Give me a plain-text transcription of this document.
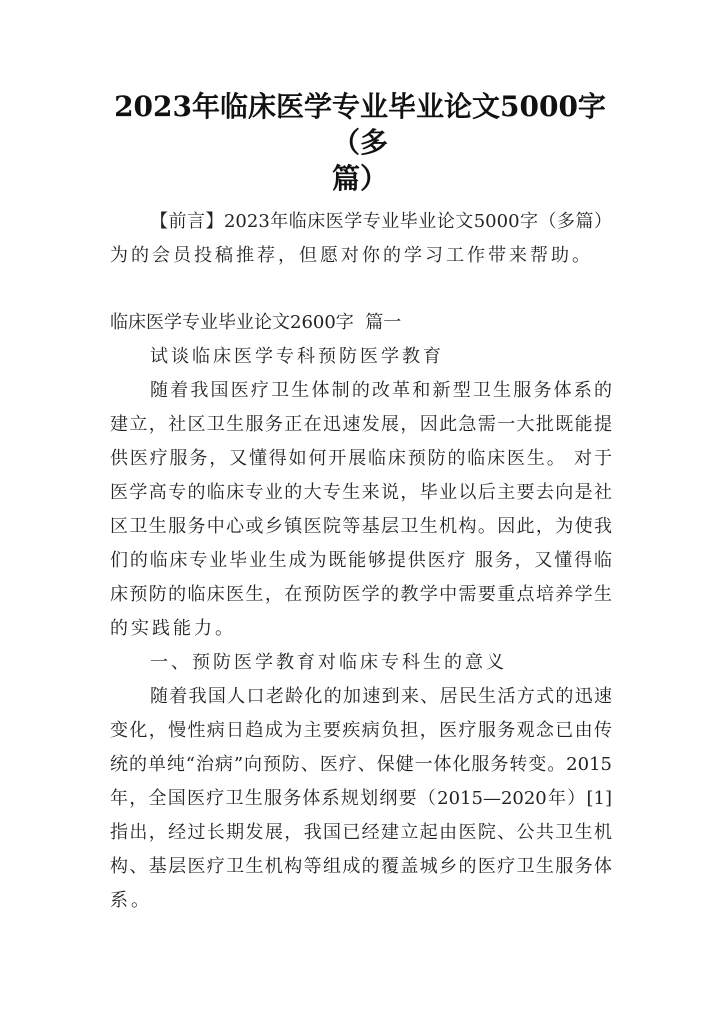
2023年临床医学专业毕业论文5000字（多
篇）
【前言】2023年临床医学专业毕业论文5000字（多篇）
为的会员投稿推荐，但愿对你的学习工作带来帮助。
临床医学专业毕业论文2600字  篇一
试谈临床医学专科预防医学教育
随着我国医疗卫生体制的改革和新型卫生服务体系的
建立，社区卫生服务正在迅速发展，因此急需一大批既能提
供医疗服务，又懂得如何开展临床预防的临床医生。 对于
医学高专的临床专业的大专生来说，毕业以后主要去向是社
区卫生服务中心或乡镇医院等基层卫生机构。因此，为使我
们的临床专业毕业生成为既能够提供医疗 服务，又懂得临
床预防的临床医生，在预防医学的教学中需要重点培养学生
的实践能力。
一、预防医学教育对临床专科生的意义
随着我国人口老龄化的加速到来、居民生活方式的迅速
变化，慢性病日趋成为主要疾病负担，医疗服务观念已由传
统的单纯“治病”向预防、医疗、保健一体化服务转变。2015
年，全国医疗卫生服务体系规划纲要（2015—2020年）[1]
指出，经过长期发展，我国已经建立起由医院、公共卫生机
构、基层医疗卫生机构等组成的覆盖城乡的医疗卫生服务体
系。
